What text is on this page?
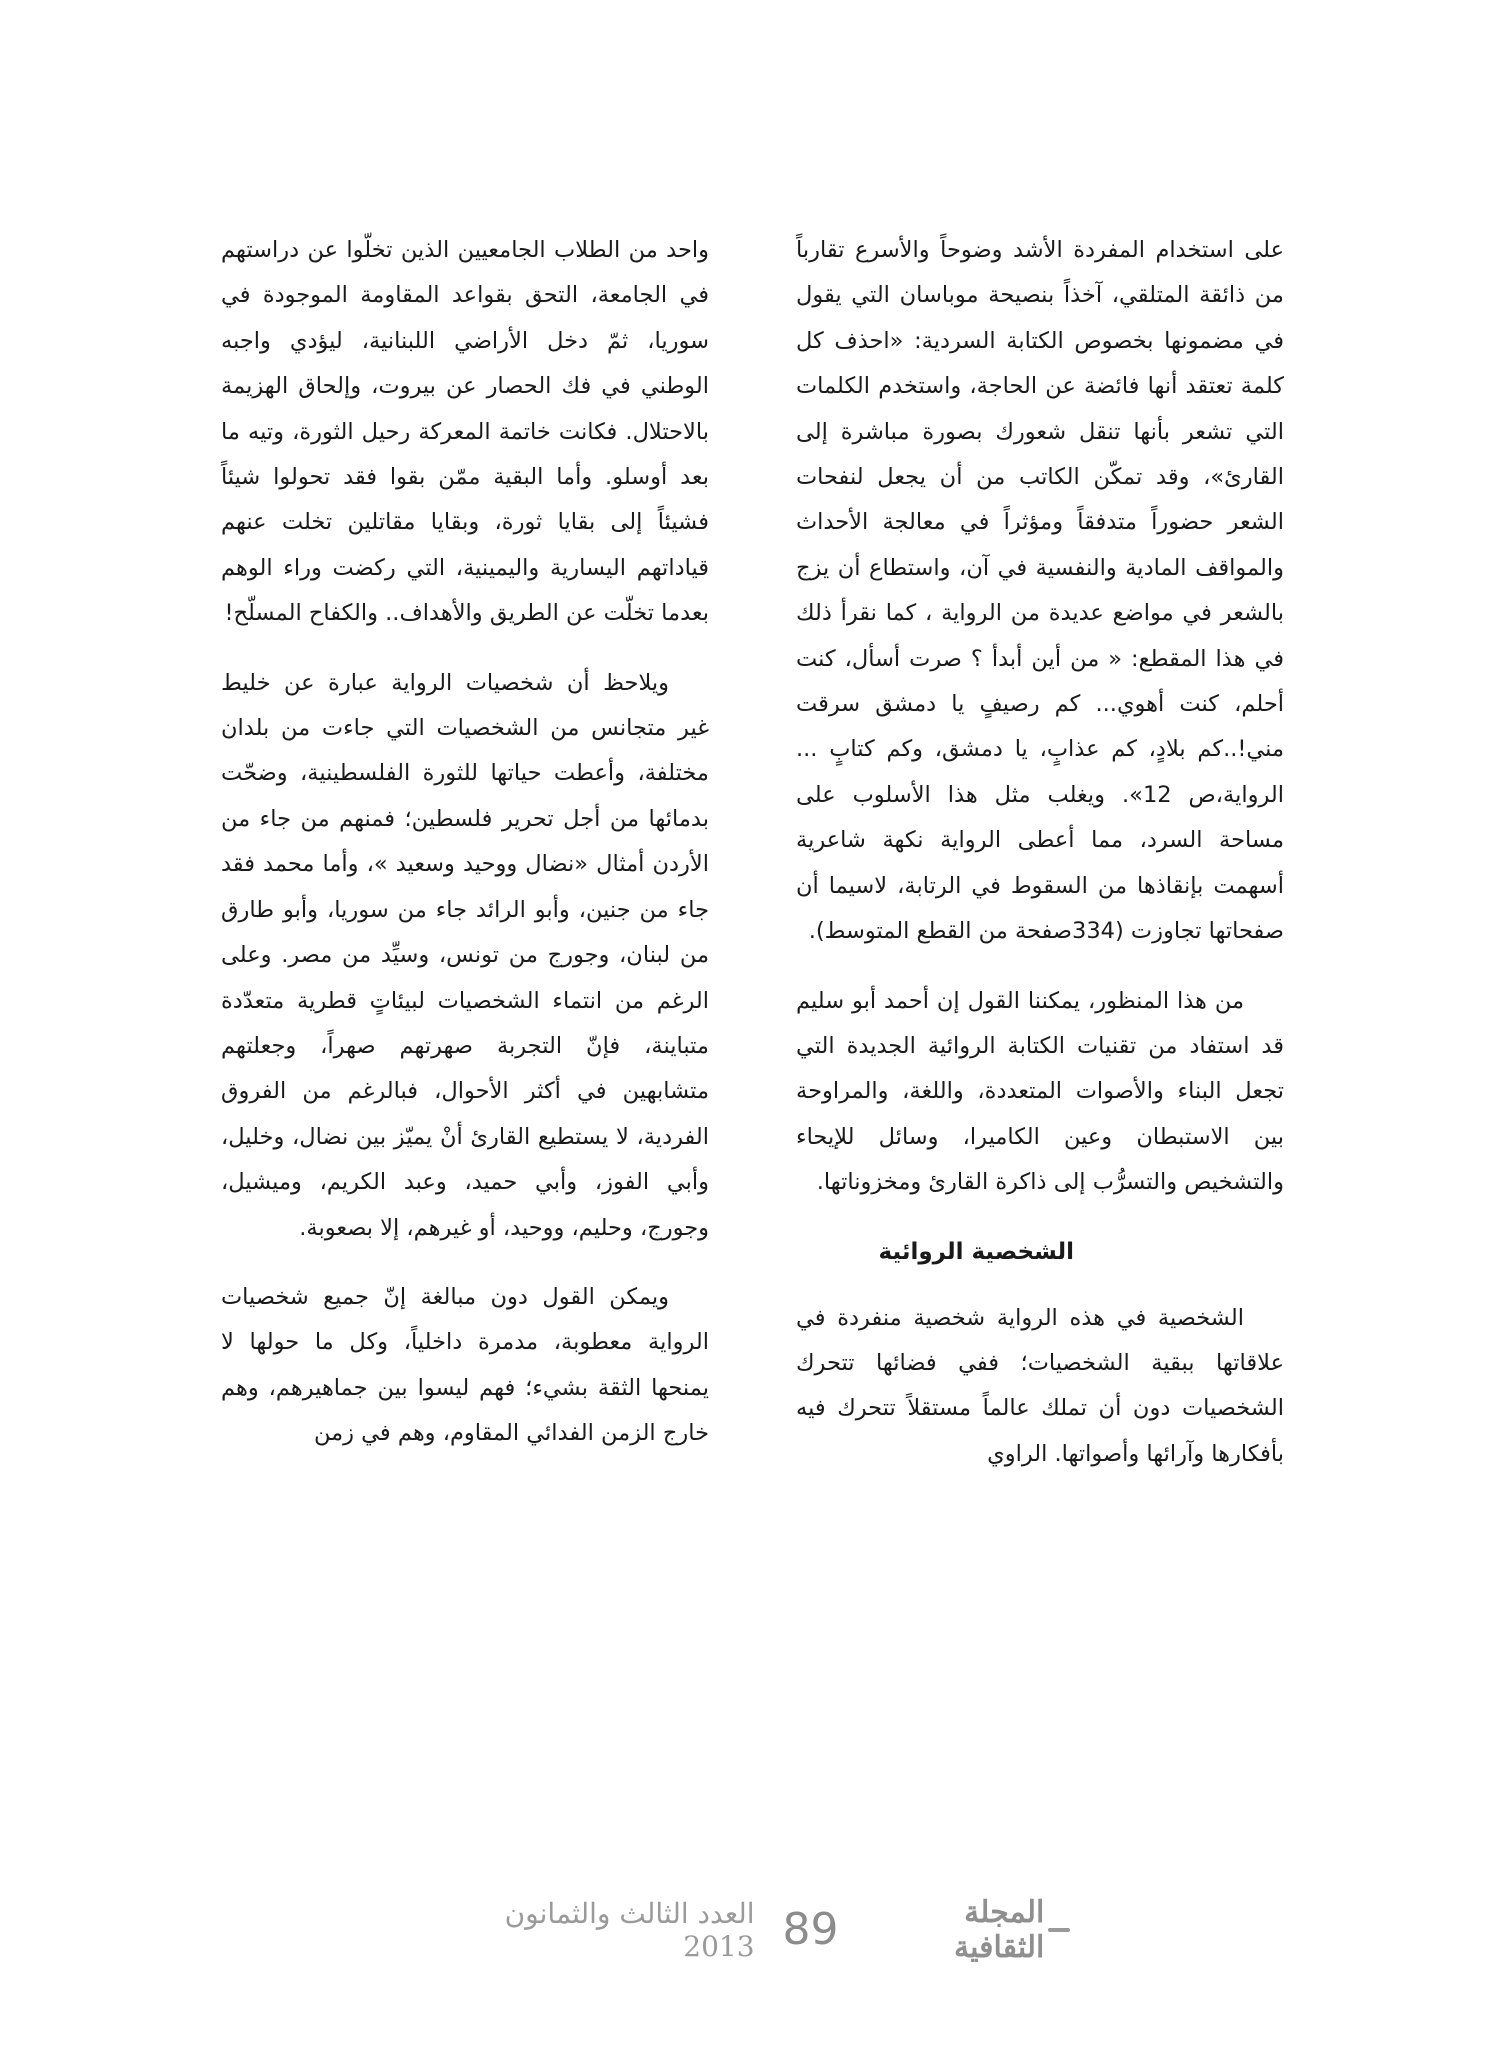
على استخدام المفردة الأشد وضوحاً والأسرع تقارباً من ذائقة المتلقي، آخذاً بنصيحة موباسان التي يقول في مضمونها بخصوص الكتابة السردية: «احذف كل كلمة تعتقد أنها فائضة عن الحاجة، واستخدم الكلمات التي تشعر بأنها تنقل شعورك بصورة مباشرة إلى القارئ»، وقد تمكّن الكاتب من أن يجعل لنفحات الشعر حضوراً متدفقاً ومؤثراً في معالجة الأحداث والمواقف المادية والنفسية في آن، واستطاع أن يزج بالشعر في مواضع عديدة من الرواية ، كما نقرأ ذلك في هذا المقطع: « من أين أبدأ ؟ صرت أسأل، كنت أحلم، كنت أهوي... كم رصيفٍ يا دمشق سرقت مني!..كم بلادٍ، كم عذابٍ، يا دمشق، وكم كتابٍ ... الرواية،ص 12». ويغلب مثل هذا الأسلوب على مساحة السرد، مما أعطى الرواية نكهة شاعرية أسهمت بإنقاذها من السقوط في الرتابة، لاسيما أن صفحاتها تجاوزت (334صفحة من القطع المتوسط).

من هذا المنظور، يمكننا القول إن أحمد أبو سليم قد استفاد من تقنيات الكتابة الروائية الجديدة التي تجعل البناء والأصوات المتعددة، واللغة، والمراوحة بين الاستبطان وعين الكاميرا، وسائل للإيحاء والتشخيص والتسرُّب إلى ذاكرة القارئ ومخزوناتها.

الشخصية الروائية

الشخصية في هذه الرواية شخصية منفردة في علاقاتها ببقية الشخصيات؛ ففي فضائها تتحرك الشخصيات دون أن تملك عالماً مستقلاً تتحرك فيه بأفكارها وآرائها وأصواتها. الراوي

واحد من الطلاب الجامعيين الذين تخلّوا عن دراستهم في الجامعة، التحق بقواعد المقاومة الموجودة في سوريا، ثمّ دخل الأراضي اللبنانية، ليؤدي واجبه الوطني في فك الحصار عن بيروت، وإلحاق الهزيمة بالاحتلال. فكانت خاتمة المعركة رحيل الثورة، وتيه ما بعد أوسلو. وأما البقية ممّن بقوا فقد تحولوا شيئاً فشيئاً إلى بقايا ثورة، وبقايا مقاتلين تخلت عنهم قياداتهم اليسارية واليمينية، التي ركضت وراء الوهم بعدما تخلّت عن الطريق والأهداف.. والكفاح المسلّح!

ويلاحظ أن شخصيات الرواية عبارة عن خليط غير متجانس من الشخصيات التي جاءت من بلدان مختلفة، وأعطت حياتها للثورة الفلسطينية، وضحّت بدمائها من أجل تحرير فلسطين؛ فمنهم من جاء من الأردن أمثال «نضال ووحيد وسعيد »، وأما محمد فقد جاء من جنين، وأبو الرائد جاء من سوريا، وأبو طارق من لبنان، وجورج من تونس، وسيِّد من مصر. وعلى الرغم من انتماء الشخصيات لبيئاتٍ قطرية متعدّدة متباينة، فإنّ التجربة صهرتهم صهراً، وجعلتهم متشابهين في أكثر الأحوال، فبالرغم من الفروق الفردية، لا يستطيع القارئ أنْ يميّز بين نضال، وخليل، وأبي الفوز، وأبي حميد، وعبد الكريم، وميشيل، وجورج، وحليم، ووحيد، أو غيرهم، إلا بصعوبة.

ويمكن القول دون مبالغة إنّ جميع شخصيات الرواية معطوبة، مدمرة داخلياً، وكل ما حولها لا يمنحها الثقة بشيء؛ فهم ليسوا بين جماهيرهم، وهم خارج الزمن الفدائي المقاوم، وهم في زمن

المجلة الثقافية
89
العدد الثالث والثمانون 2013
